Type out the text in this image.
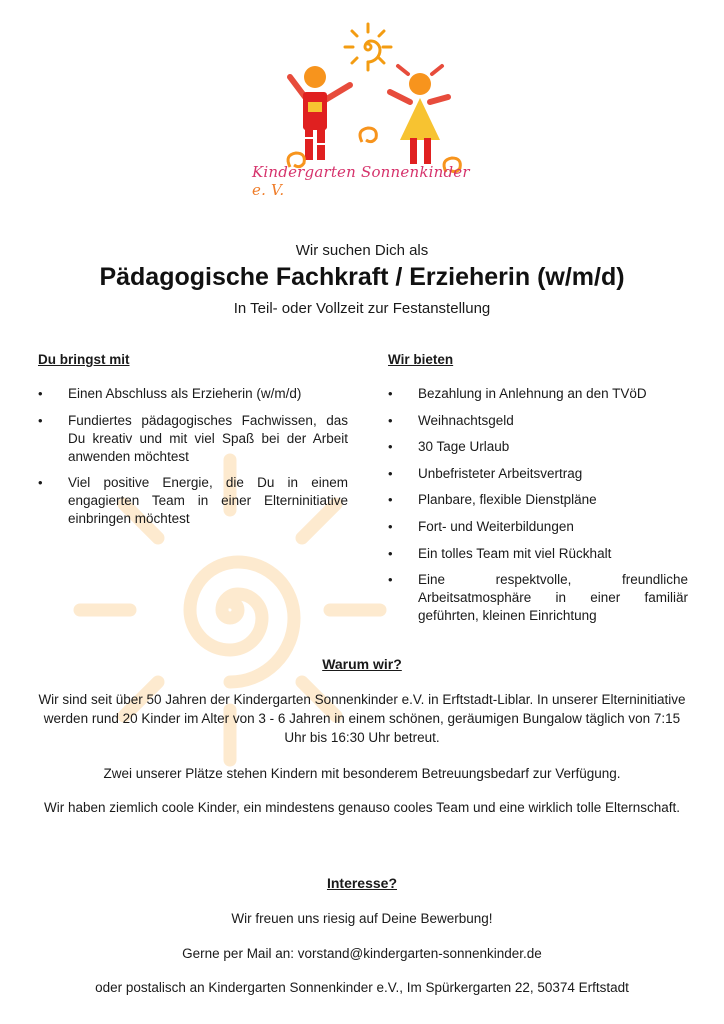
Kindergarten Sonnenkinder e. V.
Wir suchen Dich als
Pädagogische Fachkraft / Erzieherin (w/m/d)
In Teil- oder Vollzeit zur Festanstellung
Du bringst mit
• Einen Abschluss als Erzieherin (w/m/d)
• Fundiertes pädagogisches Fachwissen, das Du kreativ und mit viel Spaß bei der Arbeit anwenden möchtest
• Viel positive Energie, die Du in einem engagierten Team in einer Elterninitiative einbringen möchtest
Wir bieten
• Bezahlung in Anlehnung an den TVöD
• Weihnachtsgeld
• 30 Tage Urlaub
• Unbefristeter Arbeitsvertrag
• Planbare, flexible Dienstpläne
• Fort- und Weiterbildungen
• Ein tolles Team mit viel Rückhalt
• Eine respektvolle, freundliche Arbeitsatmosphäre in einer familiär geführten, kleinen Einrichtung
Warum wir?
Wir sind seit über 50 Jahren der Kindergarten Sonnenkinder e.V. in Erftstadt-Liblar. In unserer Elterninitiative werden rund 20 Kinder im Alter von 3 - 6 Jahren in einem schönen, geräumigen Bungalow täglich von 7:15 Uhr bis 16:30 Uhr betreut.
Zwei unserer Plätze stehen Kindern mit besonderem Betreuungsbedarf zur Verfügung.
Wir haben ziemlich coole Kinder, ein mindestens genauso cooles Team und eine wirklich tolle Elternschaft.
Interesse?
Wir freuen uns riesig auf Deine Bewerbung!
Gerne per Mail an: vorstand@kindergarten-sonnenkinder.de
oder postalisch an Kindergarten Sonnenkinder e.V., Im Spürkergarten 22, 50374 Erftstadt
